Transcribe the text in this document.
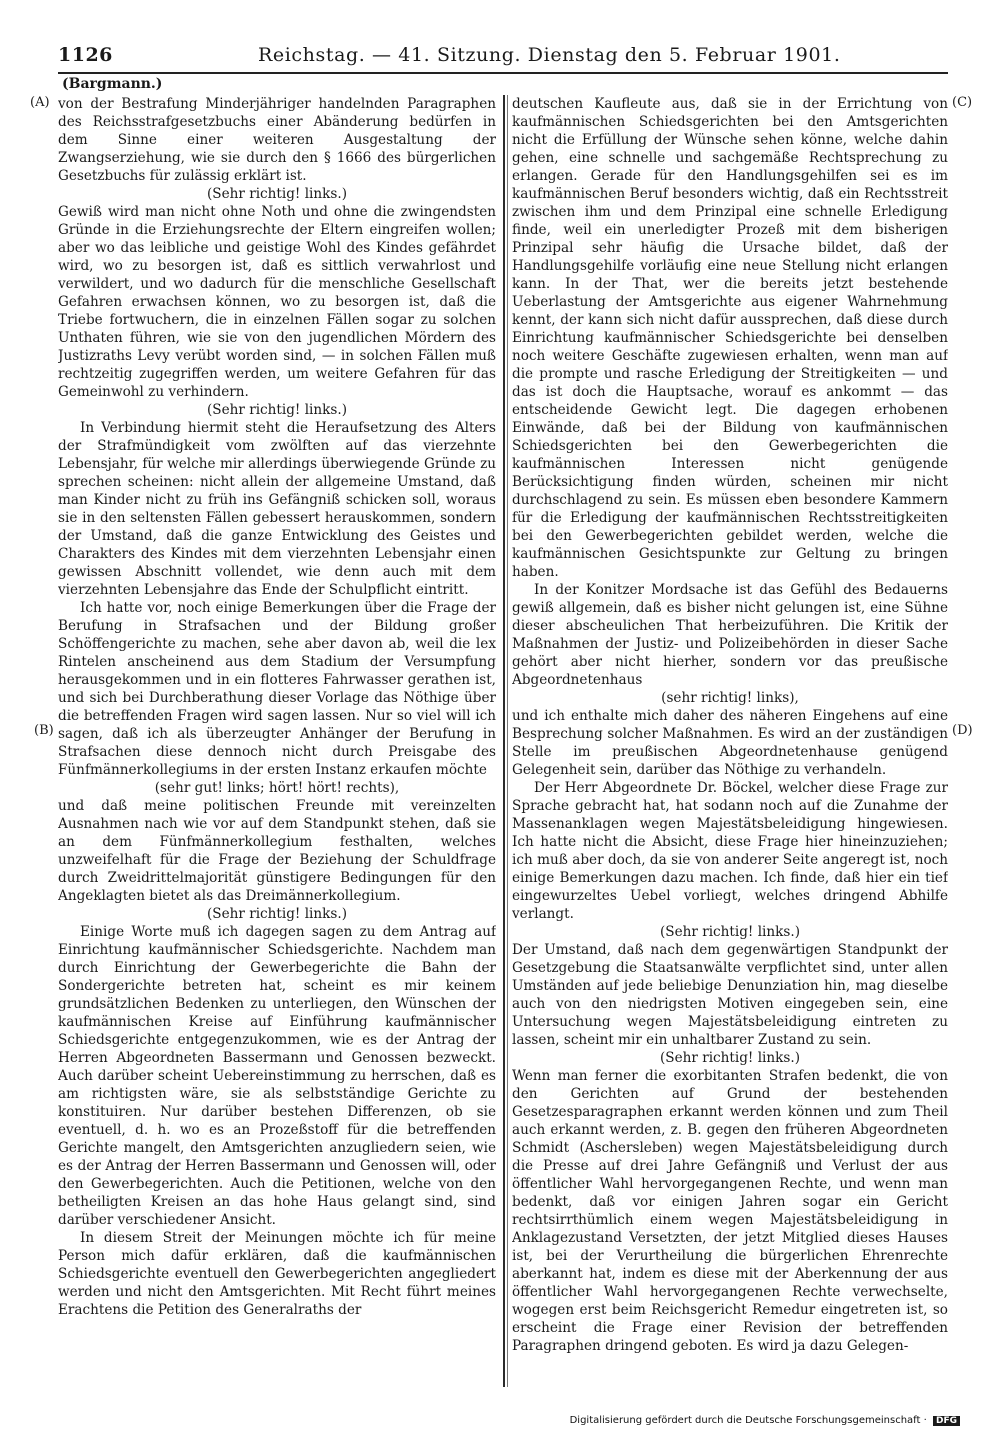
1126	Reichstag. — 41. Sitzung. Dienstag den 5. Februar 1901.
(Bargmann.)
(A)
(B)
(C)
(D)

von der Bestrafung Minderjähriger handelnden Paragraphen des Reichsstrafgesetzbuchs einer Abänderung bedürfen in dem Sinne einer weiteren Ausgestaltung der Zwangserziehung, wie sie durch den § 1666 des bürgerlichen Gesetzbuchs für zulässig erklärt ist.

(Sehr richtig! links.)

Gewiß wird man nicht ohne Noth und ohne die zwingendsten Gründe in die Erziehungsrechte der Eltern eingreifen wollen; aber wo das leibliche und geistige Wohl des Kindes gefährdet wird, wo zu besorgen ist, daß es sittlich verwahrlost und verwildert, und wo dadurch für die menschliche Gesellschaft Gefahren erwachsen können, wo zu besorgen ist, daß die Triebe fortwuchern, die in einzelnen Fällen sogar zu solchen Unthaten führen, wie sie von den jugendlichen Mördern des Justizraths Levy verübt worden sind, — in solchen Fällen muß rechtzeitig zugegriffen werden, um weitere Gefahren für das Gemeinwohl zu verhindern.

(Sehr richtig! links.)

In Verbindung hiermit steht die Heraufsetzung des Alters der Strafmündigkeit vom zwölften auf das vierzehnte Lebensjahr, für welche mir allerdings überwiegende Gründe zu sprechen scheinen: nicht allein der allgemeine Umstand, daß man Kinder nicht zu früh ins Gefängniß schicken soll, woraus sie in den seltensten Fällen gebessert herauskommen, sondern der Umstand, daß die ganze Entwicklung des Geistes und Charakters des Kindes mit dem vierzehnten Lebensjahr einen gewissen Abschnitt vollendet, wie denn auch mit dem vierzehnten Lebensjahre das Ende der Schulpflicht eintritt.

Ich hatte vor, noch einige Bemerkungen über die Frage der Berufung in Strafsachen und der Bildung großer Schöffengerichte zu machen, sehe aber davon ab, weil die lex Rintelen anscheinend aus dem Stadium der Versumpfung herausgekommen und in ein flotteres Fahrwasser gerathen ist, und sich bei Durchberathung dieser Vorlage das Nöthige über die betreffenden Fragen wird sagen lassen. Nur so viel will ich sagen, daß ich als überzeugter Anhänger der Berufung in Strafsachen diese dennoch nicht durch Preisgabe des Fünfmännerkollegiums in der ersten Instanz erkaufen möchte

(sehr gut! links; hört! hört! rechts),

und daß meine politischen Freunde mit vereinzelten Ausnahmen nach wie vor auf dem Standpunkt stehen, daß sie an dem Fünfmännerkollegium festhalten, welches unzweifelhaft für die Frage der Beziehung der Schuldfrage durch Zweidrittelmajorität günstigere Bedingungen für den Angeklagten bietet als das Dreimännerkollegium.

(Sehr richtig! links.)

Einige Worte muß ich dagegen sagen zu dem Antrag auf Einrichtung kaufmännischer Schiedsgerichte. Nachdem man durch Einrichtung der Gewerbegerichte die Bahn der Sondergerichte betreten hat, scheint es mir keinem grundsätzlichen Bedenken zu unterliegen, den Wünschen der kaufmännischen Kreise auf Einführung kaufmännischer Schiedsgerichte entgegenzukommen, wie es der Antrag der Herren Abgeordneten Bassermann und Genossen bezweckt. Auch darüber scheint Uebereinstimmung zu herrschen, daß es am richtigsten wäre, sie als selbstständige Gerichte zu konstituiren. Nur darüber bestehen Differenzen, ob sie eventuell, d. h. wo es an Prozeßstoff für die betreffenden Gerichte mangelt, den Amtsgerichten anzugliedern seien, wie es der Antrag der Herren Bassermann und Genossen will, oder den Gewerbegerichten. Auch die Petitionen, welche von den betheiligten Kreisen an das hohe Haus gelangt sind, sind darüber verschiedener Ansicht.

In diesem Streit der Meinungen möchte ich für meine Person mich dafür erklären, daß die kaufmännischen Schiedsgerichte eventuell den Gewerbegerichten angegliedert werden und nicht den Amtsgerichten. Mit Recht führt meines Erachtens die Petition des Generalraths der

deutschen Kaufleute aus, daß sie in der Errichtung von kaufmännischen Schiedsgerichten bei den Amtsgerichten nicht die Erfüllung der Wünsche sehen könne, welche dahin gehen, eine schnelle und sachgemäße Rechtsprechung zu erlangen. Gerade für den Handlungsgehilfen sei es im kaufmännischen Beruf besonders wichtig, daß ein Rechtsstreit zwischen ihm und dem Prinzipal eine schnelle Erledigung finde, weil ein unerledigter Prozeß mit dem bisherigen Prinzipal sehr häufig die Ursache bildet, daß der Handlungsgehilfe vorläufig eine neue Stellung nicht erlangen kann. In der That, wer die bereits jetzt bestehende Ueberlastung der Amtsgerichte aus eigener Wahrnehmung kennt, der kann sich nicht dafür aussprechen, daß diese durch Einrichtung kaufmännischer Schiedsgerichte bei denselben noch weitere Geschäfte zugewiesen erhalten, wenn man auf die prompte und rasche Erledigung der Streitigkeiten — und das ist doch die Hauptsache, worauf es ankommt — das entscheidende Gewicht legt. Die dagegen erhobenen Einwände, daß bei der Bildung von kaufmännischen Schiedsgerichten bei den Gewerbegerichten die kaufmännischen Interessen nicht genügende Berücksichtigung finden würden, scheinen mir nicht durchschlagend zu sein. Es müssen eben besondere Kammern für die Erledigung der kaufmännischen Rechtsstreitigkeiten bei den Gewerbegerichten gebildet werden, welche die kaufmännischen Gesichtspunkte zur Geltung zu bringen haben.

In der Konitzer Mordsache ist das Gefühl des Bedauerns gewiß allgemein, daß es bisher nicht gelungen ist, eine Sühne dieser abscheulichen That herbeizuführen. Die Kritik der Maßnahmen der Justiz- und Polizeibehörden in dieser Sache gehört aber nicht hierher, sondern vor das preußische Abgeordnetenhaus

(sehr richtig! links),

und ich enthalte mich daher des näheren Eingehens auf eine Besprechung solcher Maßnahmen. Es wird an der zuständigen Stelle im preußischen Abgeordnetenhause genügend Gelegenheit sein, darüber das Nöthige zu verhandeln.

Der Herr Abgeordnete Dr. Böckel, welcher diese Frage zur Sprache gebracht hat, hat sodann noch auf die Zunahme der Massenanklagen wegen Majestätsbeleidigung hingewiesen. Ich hatte nicht die Absicht, diese Frage hier hineinzuziehen; ich muß aber doch, da sie von anderer Seite angeregt ist, noch einige Bemerkungen dazu machen. Ich finde, daß hier ein tief eingewurzeltes Uebel vorliegt, welches dringend Abhilfe verlangt.

(Sehr richtig! links.)

Der Umstand, daß nach dem gegenwärtigen Standpunkt der Gesetzgebung die Staatsanwälte verpflichtet sind, unter allen Umständen auf jede beliebige Denunziation hin, mag dieselbe auch von den niedrigsten Motiven eingegeben sein, eine Untersuchung wegen Majestätsbeleidigung eintreten zu lassen, scheint mir ein unhaltbarer Zustand zu sein.

(Sehr richtig! links.)

Wenn man ferner die exorbitanten Strafen bedenkt, die von den Gerichten auf Grund der bestehenden Gesetzesparagraphen erkannt werden können und zum Theil auch erkannt werden, z. B. gegen den früheren Abgeordneten Schmidt (Aschersleben) wegen Majestätsbeleidigung durch die Presse auf drei Jahre Gefängniß und Verlust der aus öffentlicher Wahl hervorgegangenen Rechte, und wenn man bedenkt, daß vor einigen Jahren sogar ein Gericht rechtsirrthümlich einem wegen Majestätsbeleidigung in Anklagezustand Versetzten, der jetzt Mitglied dieses Hauses ist, bei der Verurtheilung die bürgerlichen Ehrenrechte aberkannt hat, indem es diese mit der Aberkennung der aus öffentlicher Wahl hervorgegangenen Rechte verwechselte, wogegen erst beim Reichsgericht Remedur eingetreten ist, so erscheint die Frage einer Revision der betreffenden Paragraphen dringend geboten. Es wird ja dazu Gelegen-

Digitalisierung gefördert durch die Deutsche Forschungsgemeinschaft · DFG
